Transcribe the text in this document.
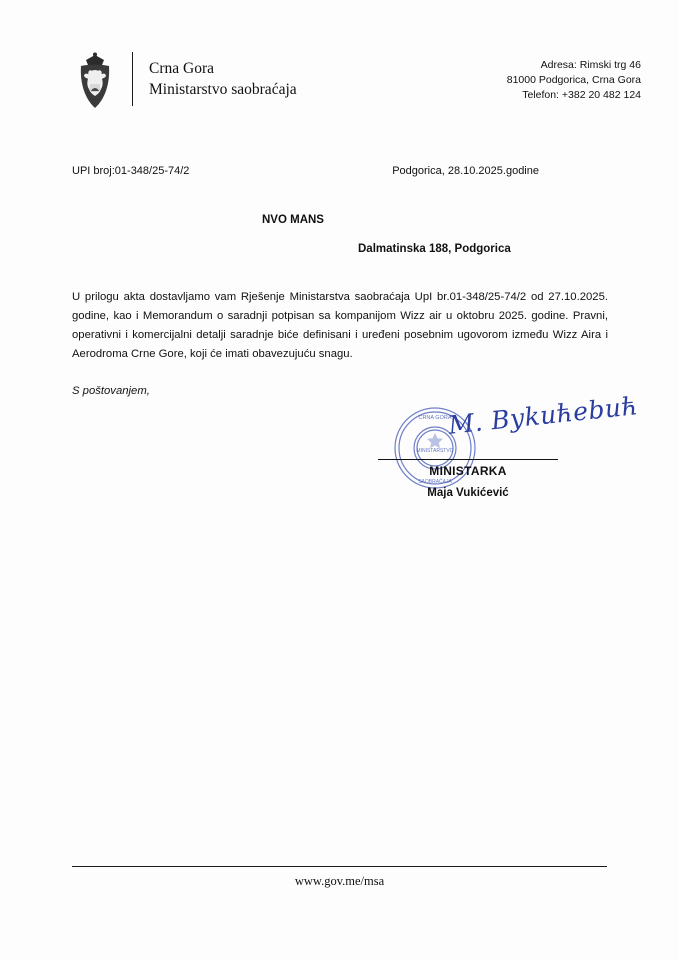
Crna Gora
Ministarstvo saobraćaja
Adresa: Rimski trg 46
81000 Podgorica, Crna Gora
Telefon: +382 20 482 124
UPI broj:01-348/25-74/2	Podgorica, 28.10.2025.godine
NVO MANS
Dalmatinska 188, Podgorica
U prilogu akta dostavljamo vam Rješenje Ministarstva saobraćaja UpI br.01-348/25-74/2 od 27.10.2025. godine, kao i Memorandum o saradnji potpisan sa kompanijom Wizz air u oktobru 2025. godine. Pravni, operativni i komercijalni detalji saradnje biće definisani i uređeni posebnim ugovorom između Wizz Aira i Aerodroma Crne Gore, koji će imati obavezujuću snagu.
S poštovanjem,
CRNA GORA
MINISTARSTVO
SAOBRAĆAJA
M. Bykuћebuћ
MINISTARKA
Maja Vukićević
www.gov.me/msa
